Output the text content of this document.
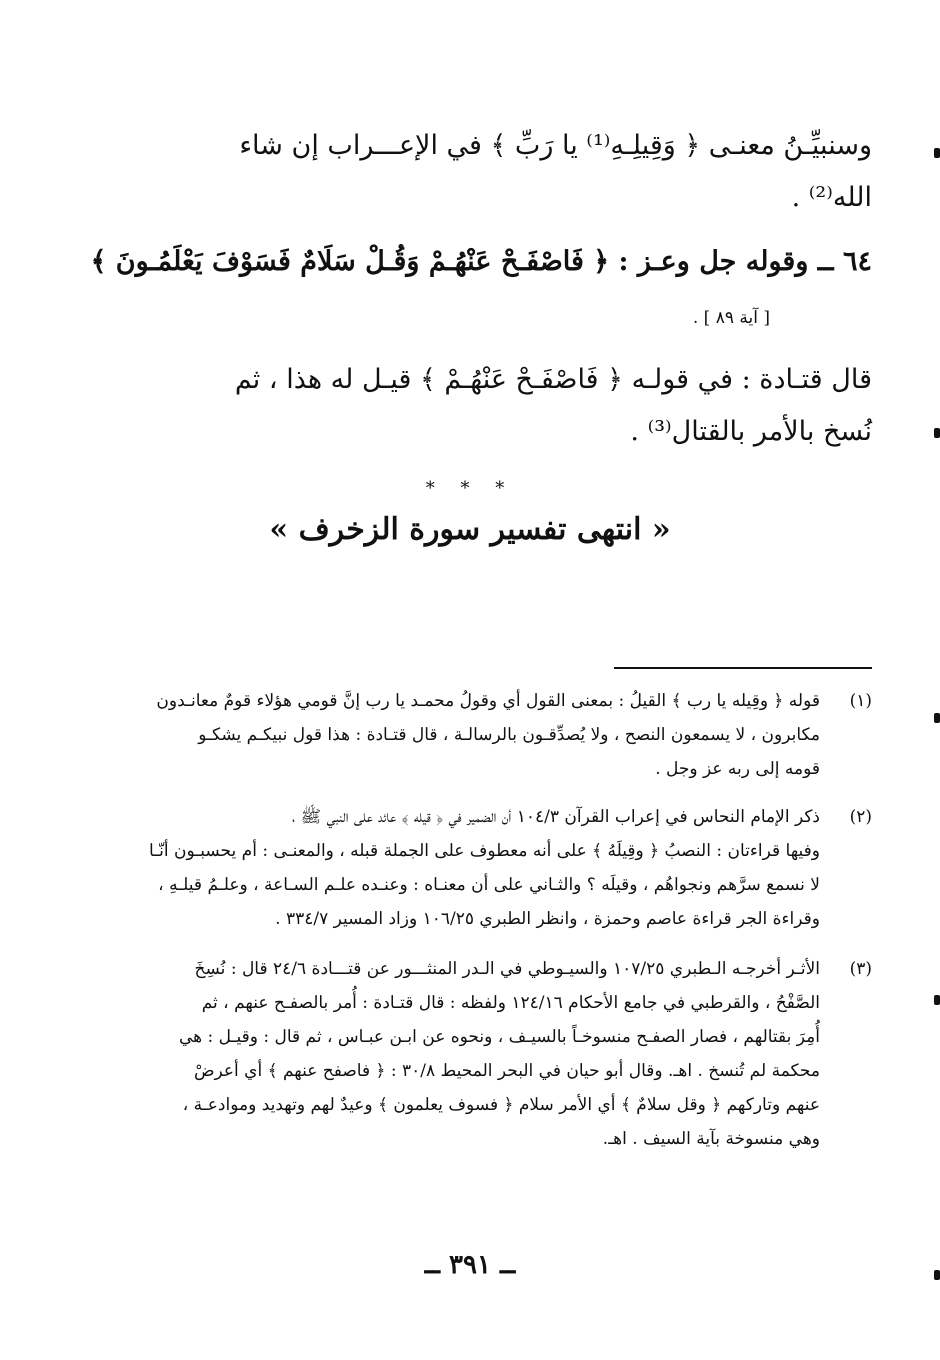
وسنبيِّـنُ معنـى ﴿ وَقِيلِـهِ⁽¹⁾ يا رَبِّ ﴾ في الإعـــراب إن شاء
الله⁽²⁾ .
٦٤ ــ وقوله جل وعـز : ﴿ فَاصْفَـحْ عَنْهُـمْ وَقُـلْ سَلَامٌ فَسَوْفَ يَعْلَمُـونَ ﴾
[ آية ٨٩ ] .
قال قتـادة : في قولـه ﴿ فَاصْفَـحْ عَنْهُـمْ ﴾ قيـل له هذا ، ثم
نُسخ بالأمر بالقتال⁽³⁾ .
* * *
« انتهى تفسير سورة الزخرف »
(١)
قوله ﴿ وقِيله يا رب ﴾ القيلُ : بمعنى القول أي وقولُ محمـد يا رب إنَّ قومي هؤلاء قومٌ معانـدون
مكابرون ، لا يسمعون النصح ، ولا يُصدِّقـون بالرسالـة ، قال قتـادة : هذا قول نبيكـم يشكـو
قومه إلى ربه عز وجل .
(٢)
ذكر الإمام النحاس في إعراب القرآن ١٠٤/٣ أن الضمير في ﴿ قيله ﴾ عائد على النبي ﷺ ،
وفيها قراءتان : النصبُ ﴿ وقِيلَهُ ﴾ على أنه معطوف على الجملة قبله ، والمعنـى : أم يحسبـون أنّـا
لا نسمع سرَّهم ونجواهُم ، وقيلَه ؟ والثـاني على أن معنـاه : وعنـده علـم السـاعة ، وعلـمُ قيلـهِ ،
وقراءة الجر قراءة عاصم وحمزة ، وانظر الطبري ١٠٦/٢٥ وزاد المسير ٣٣٤/٧ .
(٣)
الأثـر أخرجـه الـطبري ١٠٧/٢٥ والسيـوطي في الـدر المنثـــور عن قتـــادة ٢٤/٦ قال : نُسِخَ
الصَّفْحُ ، والقرطبي في جامع الأحكام ١٢٤/١٦ ولفظه : قال قتـادة : أُمر بالصفـح عنهم ، ثم
أُمِرَ بقتالهم ، فصار الصفـح منسوخـاً بالسيـف ، ونحوه عن ابـن عبـاس ، ثم قال : وقيـل : هي
محكمة لم تُنسخ . اهـ. وقال أبو حيان في البحر المحيط ٣٠/٨ : ﴿ فاصفح عنهم ﴾ أي أعرضْ
عنهم وتاركهم ﴿ وقل سلامٌ ﴾ أي الأمر سلام ﴿ فسوف يعلمون ﴾ وعيدٌ لهم وتهديد وموادعـة ،
وهي منسوخة بآية السيف . اهـ.
ــ ٣٩١ ــ
